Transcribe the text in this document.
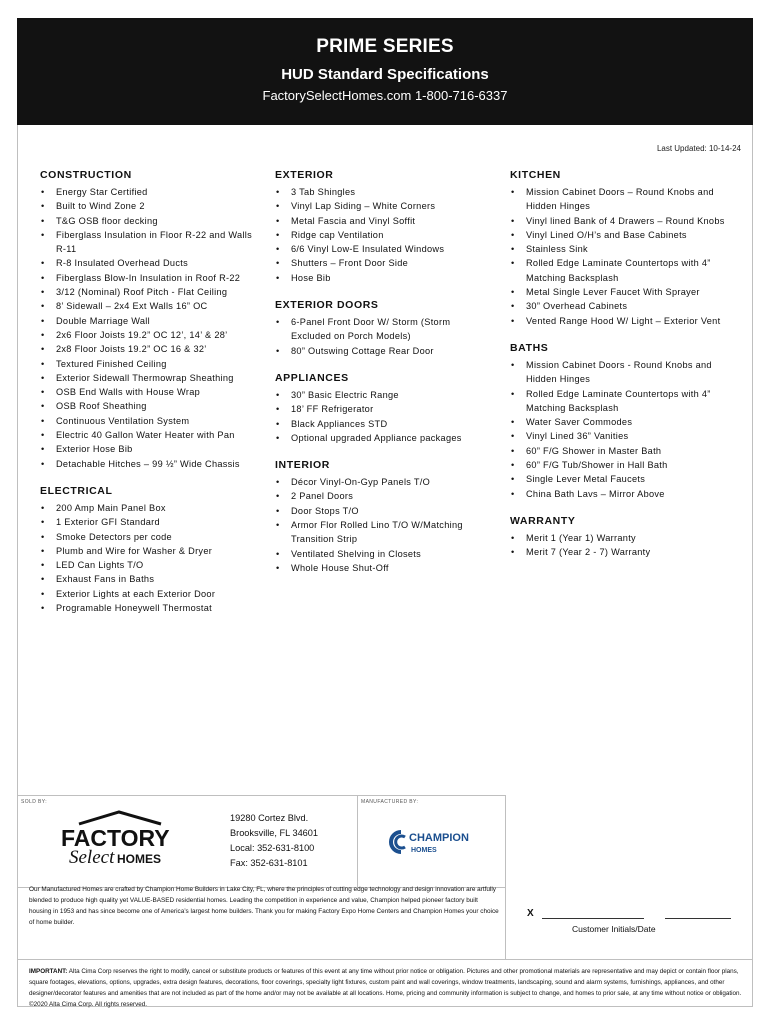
PRIME SERIES
HUD Standard Specifications
FactorySelectHomes.com 1-800-716-6337
Last Updated: 10-14-24
CONSTRUCTION
• Energy Star Certified
• Built to Wind Zone 2
• T&G OSB floor decking
• Fiberglass Insulation in Floor R-22 and Walls R-11
• R-8 Insulated Overhead Ducts
• Fiberglass Blow-In Insulation in Roof R-22
• 3/12 (Nominal) Roof Pitch - Flat Ceiling
• 8’ Sidewall – 2x4 Ext Walls 16” OC
• Double Marriage Wall
• 2x6 Floor Joists 19.2” OC 12’, 14’ & 28’
• 2x8 Floor Joists 19.2” OC 16 & 32’
• Textured Finished Ceiling
• Exterior Sidewall Thermowrap Sheathing
• OSB End Walls with House Wrap
• OSB Roof Sheathing
• Continuous Ventilation System
• Electric 40 Gallon Water Heater with Pan
• Exterior Hose Bib
• Detachable Hitches – 99 ½” Wide Chassis
ELECTRICAL
• 200 Amp Main Panel Box
• 1 Exterior GFI Standard
• Smoke Detectors per code
• Plumb and Wire for Washer & Dryer
• LED Can Lights T/O
• Exhaust Fans in Baths
• Exterior Lights at each Exterior Door
• Programable Honeywell Thermostat
EXTERIOR
• 3 Tab Shingles
• Vinyl Lap Siding – White Corners
• Metal Fascia and Vinyl Soffit
• Ridge cap Ventilation
• 6/6 Vinyl Low-E Insulated Windows
• Shutters – Front Door Side
• Hose Bib
EXTERIOR DOORS
• 6-Panel Front Door W/ Storm (Storm Excluded on Porch Models)
• 80” Outswing Cottage Rear Door
APPLIANCES
• 30” Basic Electric Range
• 18’ FF Refrigerator
• Black Appliances STD
• Optional upgraded Appliance packages
INTERIOR
• Décor Vinyl-On-Gyp Panels T/O
• 2 Panel Doors
• Door Stops T/O
• Armor Flor Rolled Lino T/O W/Matching Transition Strip
• Ventilated Shelving in Closets
• Whole House Shut-Off
KITCHEN
• Mission Cabinet Doors – Round Knobs and Hidden Hinges
• Vinyl lined Bank of 4 Drawers – Round Knobs
• Vinyl Lined O/H’s and Base Cabinets
• Stainless Sink
• Rolled Edge Laminate Countertops with 4” Matching Backsplash
• Metal Single Lever Faucet With Sprayer
• 30” Overhead Cabinets
• Vented Range Hood W/ Light – Exterior Vent
BATHS
• Mission Cabinet Doors - Round Knobs and Hidden Hinges
• Rolled Edge Laminate Countertops with 4” Matching Backsplash
• Water Saver Commodes
• Vinyl Lined 36” Vanities
• 60” F/G Shower in Master Bath
• 60” F/G Tub/Shower in Hall Bath
• Single Lever Metal Faucets
• China Bath Lavs – Mirror Above
WARRANTY
• Merit 1 (Year 1) Warranty
• Merit 7 (Year 2 - 7) Warranty
SOLD BY:	MANUFACTURED BY:
FACTORY
Select HOMES
19280 Cortez Blvd.
Brooksville, FL 34601
Local: 352-631-8100
Fax: 352-631-8101
CHAMPION
HOMES
Our Manufactured Homes are crafted by Champion Home Builders in Lake City, FL, where the principles of cutting edge technology and design innovation are artfully blended to produce high quality yet VALUE-BASED residential homes. Leading the competition in experience and value, Champion helped pioneer factory built housing in 1953 and has since become one of America’s largest home builders. Thank you for making Factory Expo Home Centers and Champion Homes your choice of home builder.
X
Customer Initials/Date

IMPORTANT: Alta Cima Corp reserves the right to modify, cancel or substitute products or features of this event at any time without prior notice or obligation. Pictures and other promotional materials are representative and may depict or contain floor plans, square footages, elevations, options, upgrades, extra design features, decorations, floor coverings, specialty light fixtures, custom paint and wall coverings, window treatments, landscaping, sound and alarm systems, furnishings, appliances, and other designer/decorator features and amenities that are not included as part of the home and/or may not be available at all locations. Home, pricing and community information is subject to change, and homes to prior sale, at any time without notice or obligation. ©2020 Alta Cima Corp. All rights reserved.
